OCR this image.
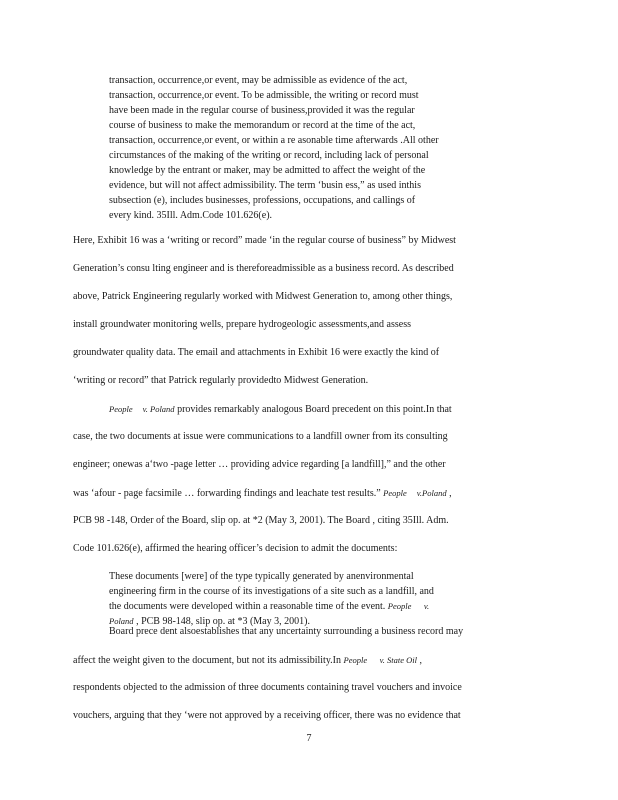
transaction, occurrence,or event, may be admissible as evidence of the act,
transaction, occurrence,or event. To be admissible, the writing or record must
have been made in the regular course of business,provided it was the regular
course of business to make the memorandum or record at the time of the act,
transaction, occurrence,or event, or within a re asonable time afterwards .All other
circumstances of the making of the writing or record, including lack of personal
knowledge by the entrant or maker, may be admitted to affect the weight of the
evidence, but will not affect admissibility. The term ‘busin ess,” as used inthis
subsection (e), includes businesses, professions, occupations, and callings of
every kind. 35Ill. Adm.Code 101.626(e).
Here, Exhibit 16 was a ‘writing or record” made ‘in the regular course of business” by Midwest
Generation’s consu lting engineer and is thereforeadmissible as a business record. As described
above, Patrick Engineering regularly worked with Midwest Generation to, among other things,
install groundwater monitoring wells, prepare hydrogeologic assessments,and assess
groundwater quality data. The email and attachments in Exhibit 16 were exactly the kind of
‘writing or record” that Patrick regularly providedto Midwest Generation.
People v. Poland provides remarkably analogous Board precedent on this point.In that
case, the two documents at issue were communications to a landfill owner from its consulting
engineer; onewas a‘two -page letter … providing advice regarding [a landfill],” and the other
was ‘afour - page facsimile … forwarding findings and leachate test results.” People v.Poland ,
PCB 98 -148, Order of the Board, slip op. at *2 (May 3, 2001). The Board , citing 35Ill. Adm.
Code 101.626(e), affirmed the hearing officer’s decision to admit the documents:
These documents [were] of the type typically generated by anenvironmental
engineering firm in the course of its investigations of a site such as a landfill, and
the documents were developed within a reasonable time of the event. People v.
Poland , PCB 98-148, slip op. at *3 (May 3, 2001).
Board prece dent alsoestablishes that any uncertainty surrounding a business record may
affect the weight given to the document, but not its admissibility.In People v. State Oil ,
respondents objected to the admission of three documents containing travel vouchers and invoice
vouchers, arguing that they ‘were not approved by a receiving officer, there was no evidence that
7
